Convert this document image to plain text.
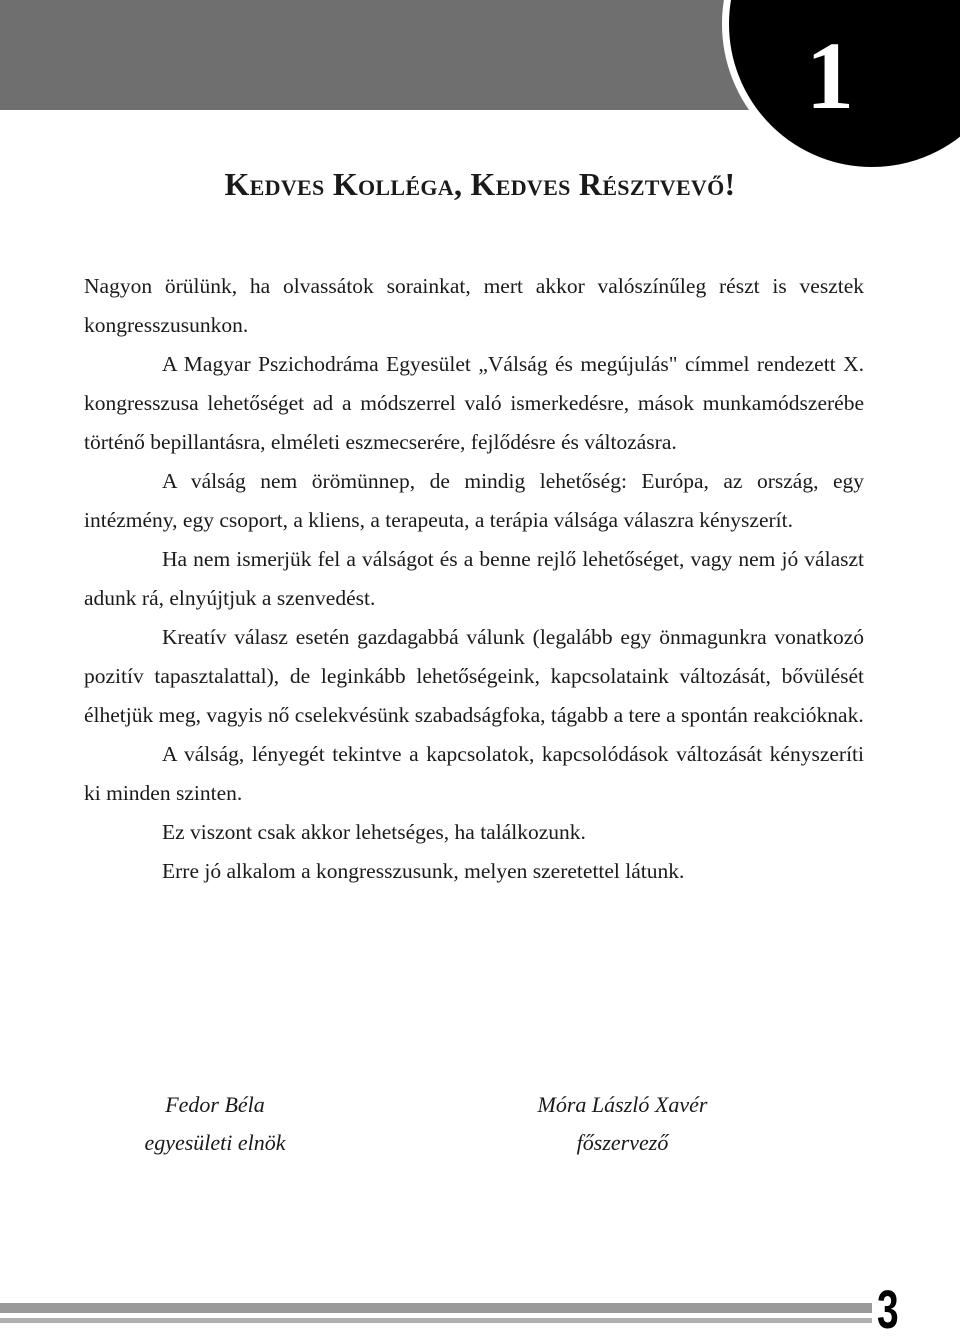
1
Kedves Kolléga, Kedves Résztvevő!

Nagyon örülünk, ha olvassátok sorainkat, mert akkor valószínűleg részt is vesztek kongresszusunkon.

A Magyar Pszichodráma Egyesület „Válság és megújulás" címmel rendezett X. kongresszusa lehetőséget ad a módszerrel való ismerkedésre, mások munkamódszerébe történő bepillantásra, elméleti eszmecserére, fejlődésre és változásra.

A válság nem örömünnep, de mindig lehetőség: Európa, az ország, egy intézmény, egy csoport, a kliens, a terapeuta, a terápia válsága válaszra kényszerít.

Ha nem ismerjük fel a válságot és a benne rejlő lehetőséget, vagy nem jó választ adunk rá, elnyújtjuk a szenvedést.

Kreatív válasz esetén gazdagabbá válunk (legalább egy önmagunkra vonatkozó pozitív tapasztalattal), de leginkább lehetőségeink, kapcsolataink változását, bővülését élhetjük meg, vagyis nő cselekvésünk szabadságfoka, tágabb a tere a spontán reakcióknak.

A válság, lényegét tekintve a kapcsolatok, kapcsolódások változását kényszeríti ki minden szinten.

Ez viszont csak akkor lehetséges, ha találkozunk.

Erre jó alkalom a kongresszusunk, melyen szeretettel látunk.

Fedor Béla
egyesületi elnök
Móra László Xavér
főszervező
3
